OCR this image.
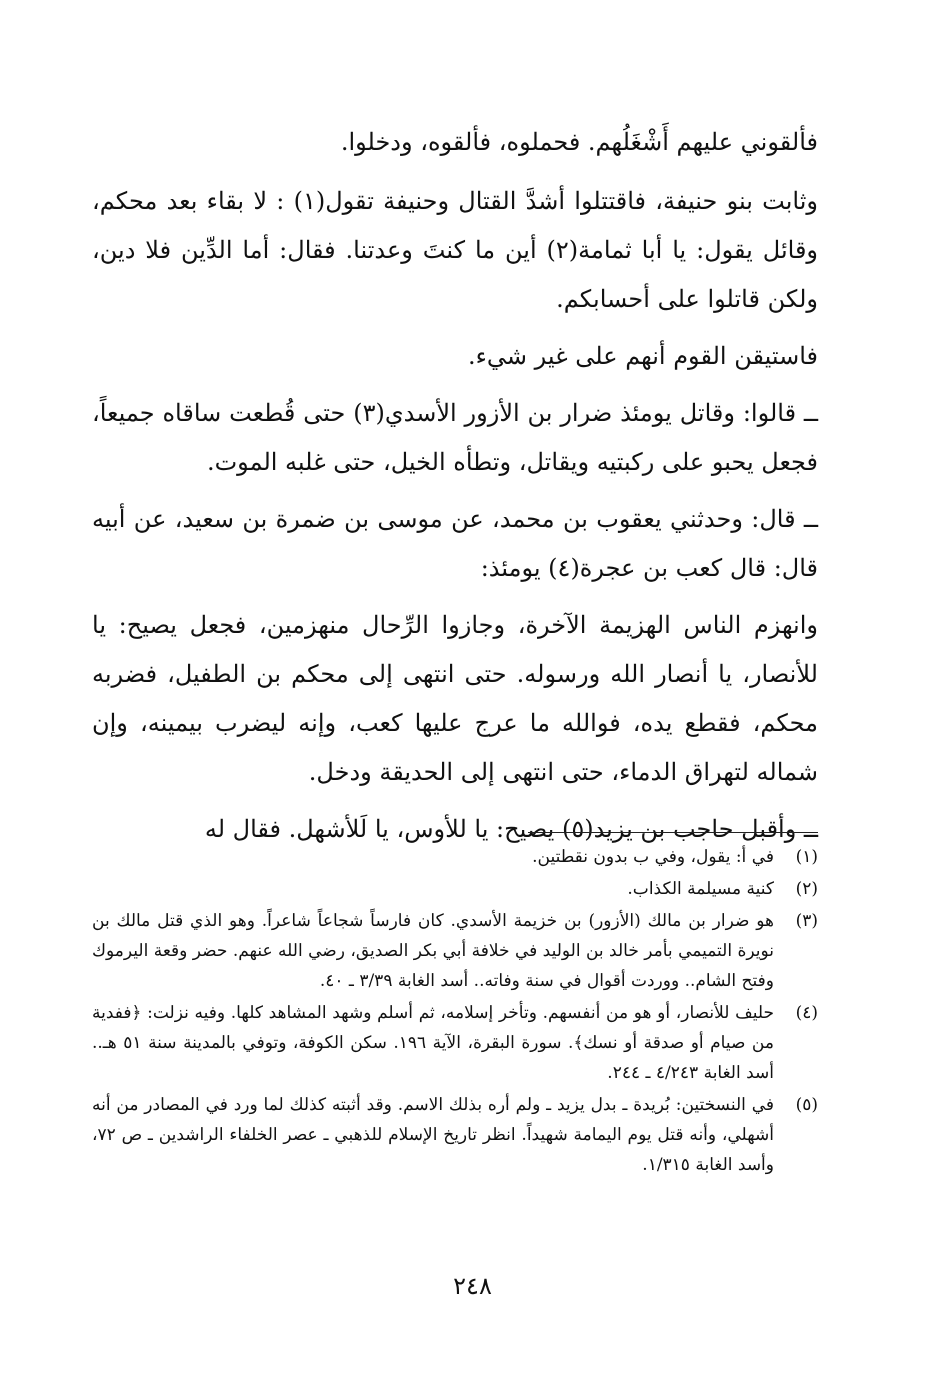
فألقوني عليهم أَشْغَلُهم. فحملوه، فألقوه، ودخلوا.

وثابت بنو حنيفة، فاقتتلوا أشدَّ القتال وحنيفة تقول(١) : لا بقاء بعد محكم، وقائل يقول: يا أبا ثمامة(٢) أين ما كنتَ وعدتنا. فقال: أما الدِّين فلا دين، ولكن قاتلوا على أحسابكم.

فاستيقن القوم أنهم على غير شيء.

ــ قالوا: وقاتل يومئذ ضرار بن الأزور الأسدي(٣) حتى قُطعت ساقاه جميعاً، فجعل يحبو على ركبتيه ويقاتل، وتطأه الخيل، حتى غلبه الموت.

ــ قال: وحدثني يعقوب بن محمد، عن موسى بن ضمرة بن سعيد، عن أبيه قال: قال كعب بن عجرة(٤) يومئذ:

وانهزم الناس الهزيمة الآخرة، وجازوا الرِّحال منهزمين، فجعل يصيح: يا للأنصار، يا أنصار الله ورسوله. حتى انتهى إلى محكم بن الطفيل، فضربه محكم، فقطع يده، فوالله ما عرج عليها كعب، وإنه ليضرب بيمينه، وإن شماله لتهراق الدماء، حتى انتهى إلى الحديقة ودخل.

ــ وأقبل حاجب بن يزيد(٥) يصيح: يا للأوس، يا لَلأشهل. فقال له

(١)
في أ: يقول، وفي ب بدون نقطتين.
(٢)
كنية مسيلمة الكذاب.
(٣)
هو ضرار بن مالك (الأزور) بن خزيمة الأسدي. كان فارساً شجاعاً شاعراً. وهو الذي قتل مالك بن نويرة التميمي بأمر خالد بن الوليد في خلافة أبي بكر الصديق، رضي الله عنهم. حضر وقعة اليرموك وفتح الشام.. ووردت أقوال في سنة وفاته.. أسد الغابة ٣/٣٩ ـ ٤٠.
(٤)
حليف للأنصار، أو هو من أنفسهم. وتأخر إسلامه، ثم أسلم وشهد المشاهد كلها. وفيه نزلت: ﴿ففدية من صيام أو صدقة أو نسك﴾. سورة البقرة، الآية ١٩٦. سكن الكوفة، وتوفي بالمدينة سنة ٥١ هـ.. أسد الغابة ٤/٢٤٣ ـ ٢٤٤.
(٥)
في النسختين: بُريدة ـ بدل يزيد ـ ولم أره بذلك الاسم. وقد أثبته كذلك لما ورد في المصادر من أنه أشهلي، وأنه قتل يوم اليمامة شهيداً. انظر تاريخ الإسلام للذهبي ـ عصر الخلفاء الراشدين ـ ص ٧٢، وأسد الغابة ١/٣١٥.
٢٤٨
